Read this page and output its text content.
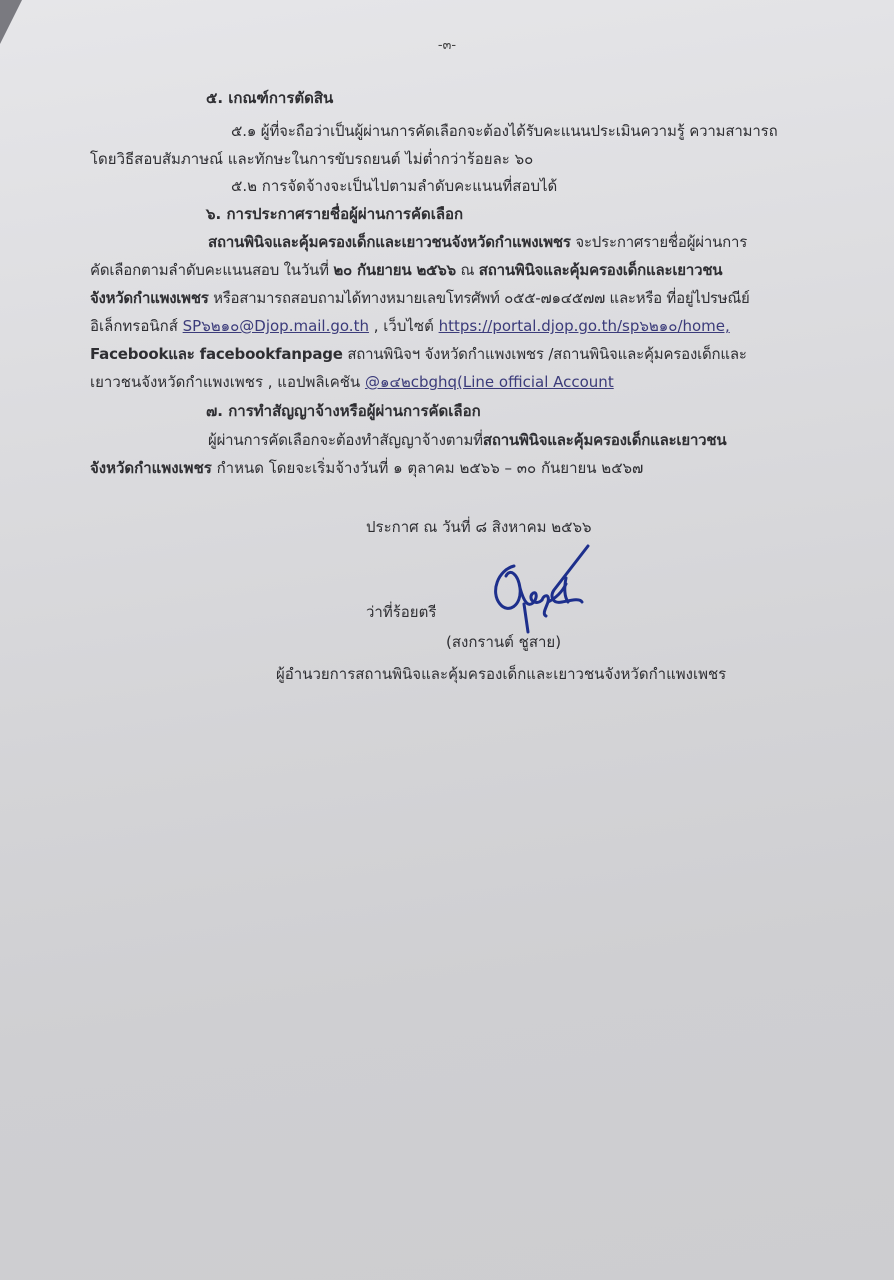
-๓-
๕. เกณฑ์การตัดสิน
๕.๑ ผู้ที่จะถือว่าเป็นผู้ผ่านการคัดเลือกจะต้องได้รับคะแนนประเมินความรู้ ความสามารถ
โดยวิธีสอบสัมภาษณ์ และทักษะในการขับรถยนต์ ไม่ต่ำกว่าร้อยละ ๖๐
๕.๒ การจัดจ้างจะเป็นไปตามลำดับคะแนนที่สอบได้
๖. การประกาศรายชื่อผู้ผ่านการคัดเลือก
สถานพินิจและคุ้มครองเด็กและเยาวชนจังหวัดกำแพงเพชร จะประกาศรายชื่อผู้ผ่านการ
คัดเลือกตามลำดับคะแนนสอบ ในวันที่ ๒๐ กันยายน ๒๕๖๖ ณ สถานพินิจและคุ้มครองเด็กและเยาวชน
จังหวัดกำแพงเพชร หรือสามารถสอบถามได้ทางหมายเลขโทรศัพท์ ๐๕๕-๗๑๔๕๗๗ และหรือ ที่อยู่ไปรษณีย์
อิเล็กทรอนิกส์ SP๖๒๑๐@Djop.mail.go.th , เว็บไซต์ https://portal.djop.go.th/sp๖๒๑๐/home,
Facebookและ facebookfanpage สถานพินิจฯ จังหวัดกำแพงเพชร /สถานพินิจและคุ้มครองเด็กและ
เยาวชนจังหวัดกำแพงเพชร , แอปพลิเคชัน @๑๔๒cbghq(Line official Account
๗. การทำสัญญาจ้างหรือผู้ผ่านการคัดเลือก
ผู้ผ่านการคัดเลือกจะต้องทำสัญญาจ้างตามที่สถานพินิจและคุ้มครองเด็กและเยาวชน
จังหวัดกำแพงเพชร กำหนด โดยจะเริ่มจ้างวันที่ ๑ ตุลาคม ๒๕๖๖ – ๓๐ กันยายน ๒๕๖๗
ประกาศ ณ วันที่ ๘ สิงหาคม ๒๕๖๖
ว่าที่ร้อยตรี
(สงกรานต์ ชูสาย)
ผู้อำนวยการสถานพินิจและคุ้มครองเด็กและเยาวชนจังหวัดกำแพงเพชร
